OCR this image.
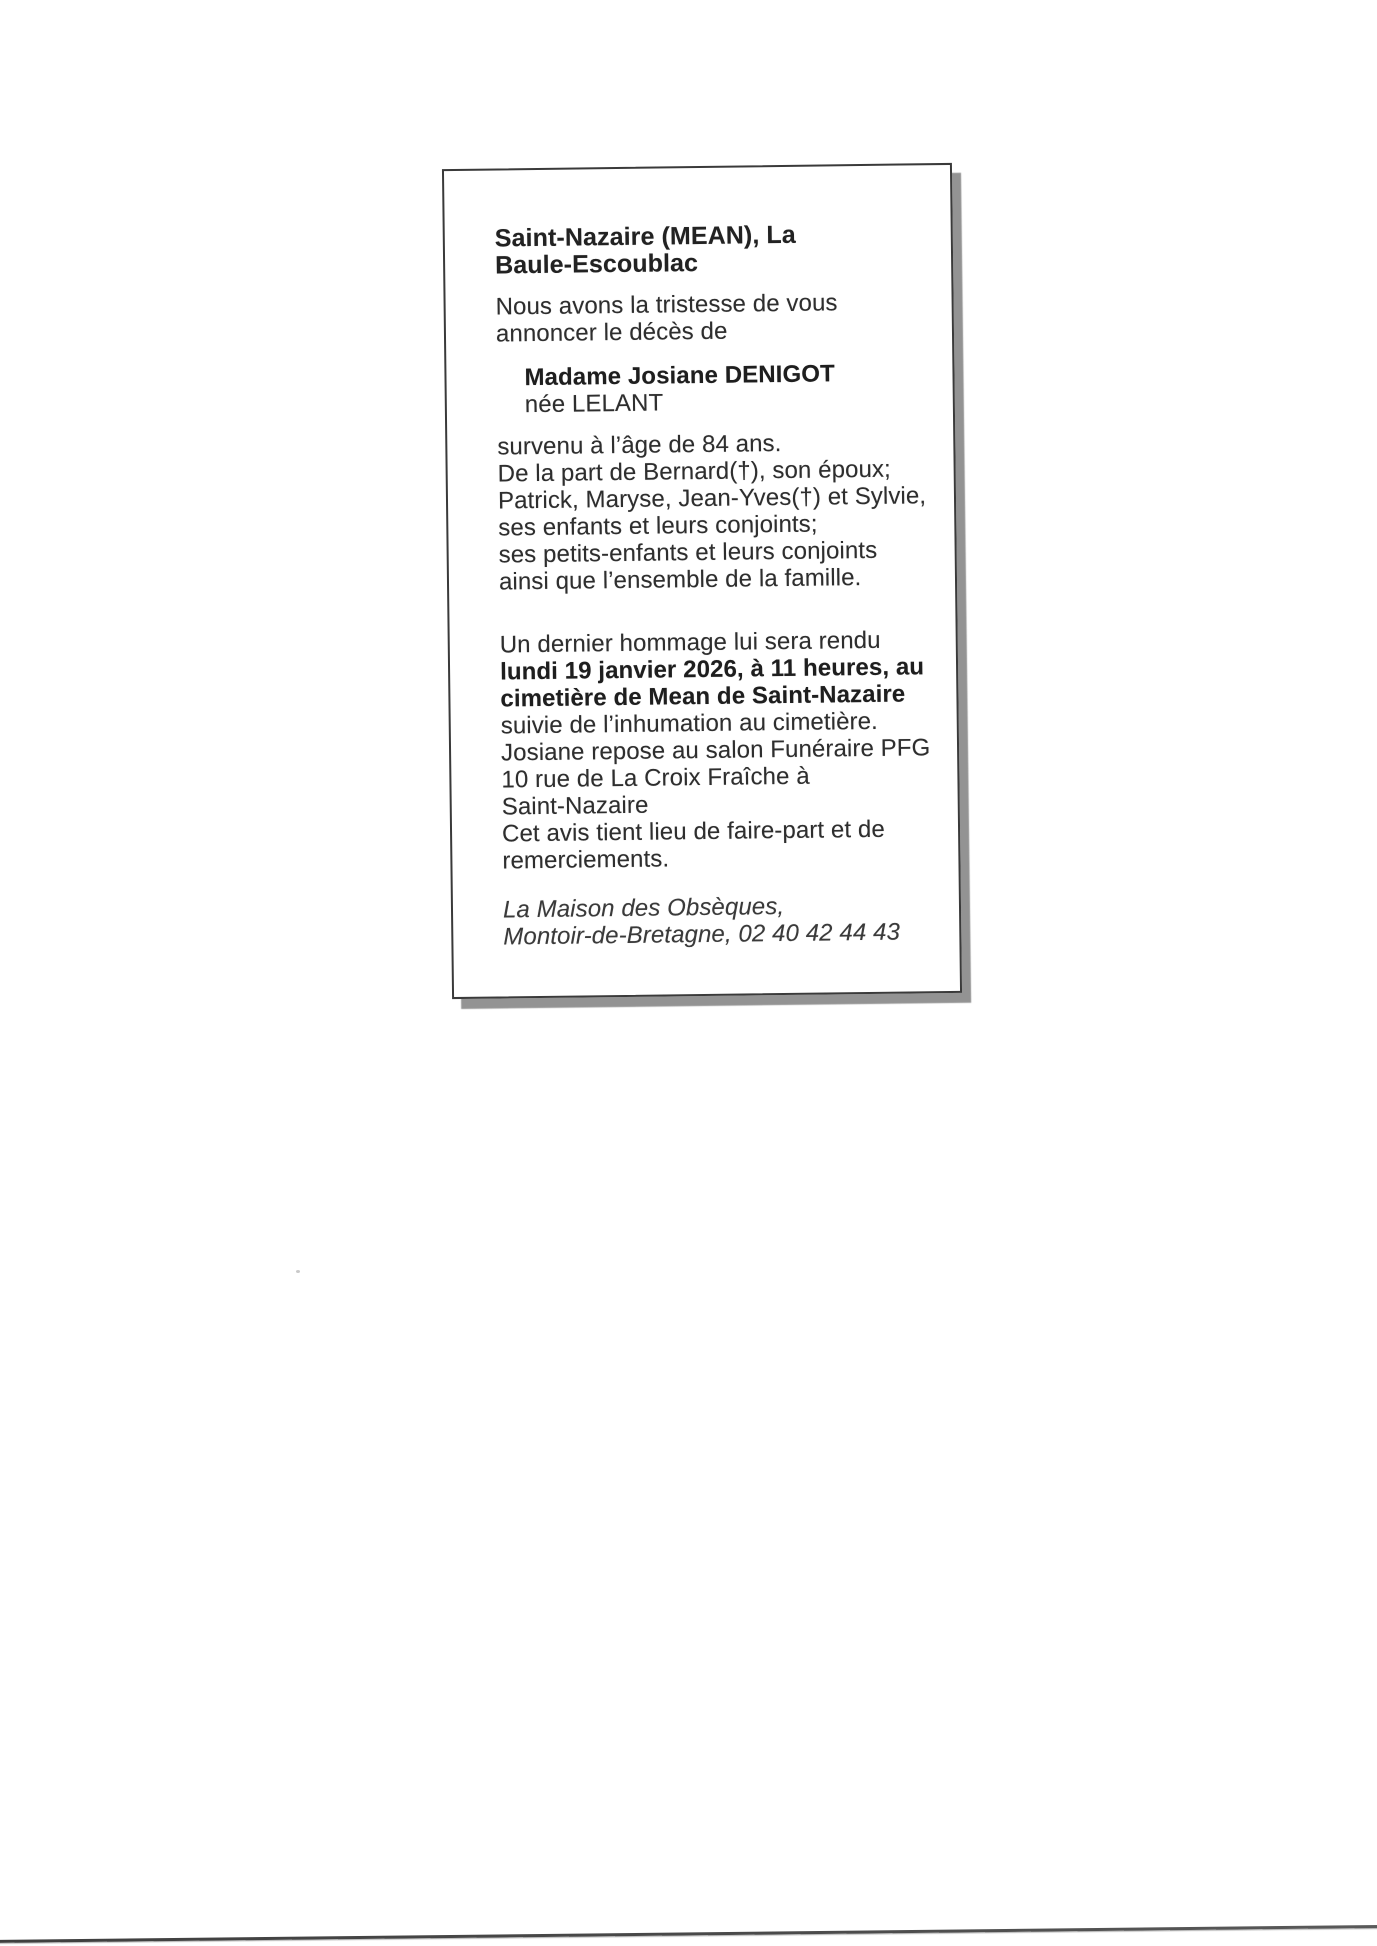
Saint-Nazaire (MEAN), La
Baule-Escoublac
Nous avons la tristesse de vous
annoncer le décès de
Madame Josiane DENIGOT
née LELANT
survenu à l’âge de 84 ans.
De la part de Bernard(†), son époux;
Patrick, Maryse, Jean-Yves(†) et Sylvie,
ses enfants et leurs conjoints;
ses petits-enfants et leurs conjoints
ainsi que l’ensemble de la famille.
Un dernier hommage lui sera rendu
lundi 19 janvier 2026, à 11 heures, au
cimetière de Mean de Saint-Nazaire
suivie de l’inhumation au cimetière.
Josiane repose au salon Funéraire PFG
10 rue de La Croix Fraîche à
Saint-Nazaire
Cet avis tient lieu de faire-part et de
remerciements.
La Maison des Obsèques,
Montoir-de-Bretagne, 02 40 42 44 43
